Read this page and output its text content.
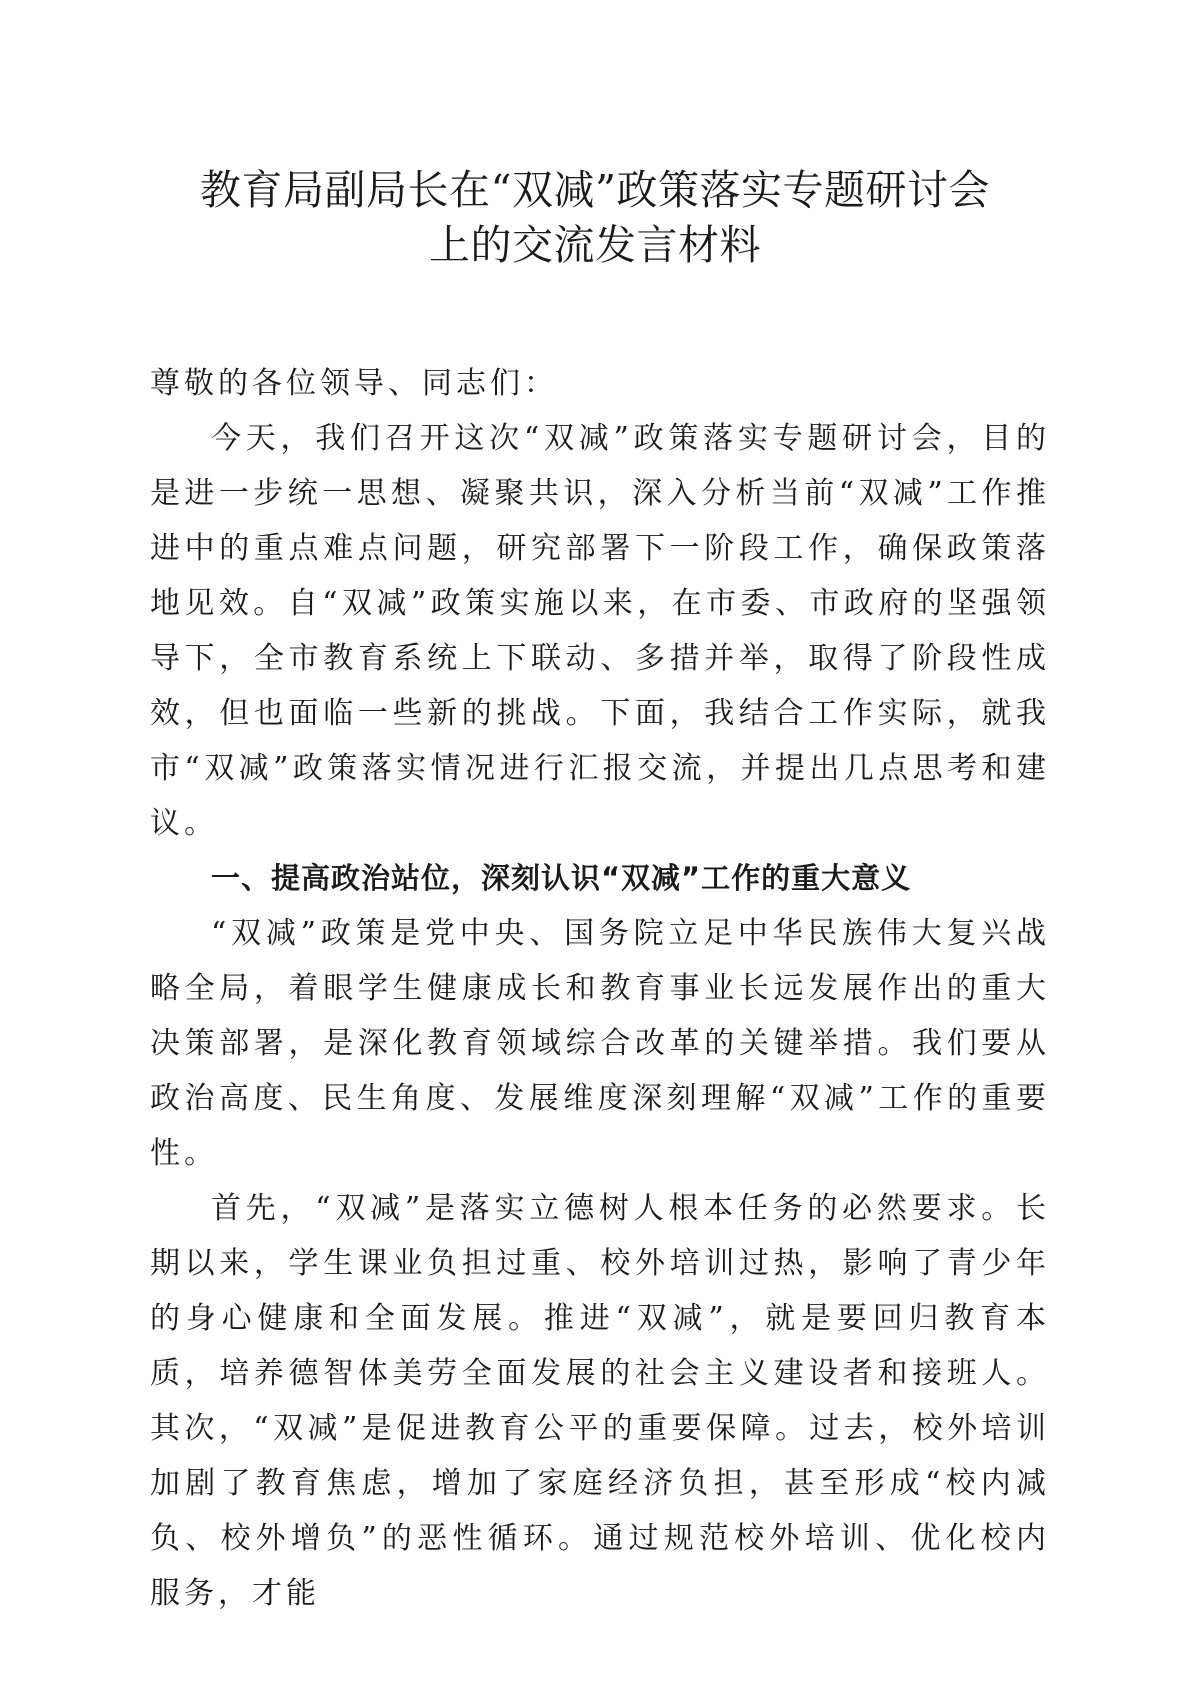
教育局副局长在“双减”政策落实专题研讨会
上的交流发言材料

尊敬的各位领导、同志们：

今天，我们召开这次“双减”政策落实专题研讨会，目的是进一步统一思想、凝聚共识，深入分析当前“双减”工作推进中的重点难点问题，研究部署下一阶段工作，确保政策落地见效。自“双减”政策实施以来，在市委、市政府的坚强领导下，全市教育系统上下联动、多措并举，取得了阶段性成效，但也面临一些新的挑战。下面，我结合工作实际，就我市“双减”政策落实情况进行汇报交流，并提出几点思考和建议。

一、提高政治站位，深刻认识“双减”工作的重大意义

“双减”政策是党中央、国务院立足中华民族伟大复兴战略全局，着眼学生健康成长和教育事业长远发展作出的重大决策部署，是深化教育领域综合改革的关键举措。我们要从政治高度、民生角度、发展维度深刻理解“双减”工作的重要性。

首先，“双减”是落实立德树人根本任务的必然要求。长期以来，学生课业负担过重、校外培训过热，影响了青少年的身心健康和全面发展。推进“双减”，就是要回归教育本质，培养德智体美劳全面发展的社会主义建设者和接班人。其次，“双减”是促进教育公平的重要保障。过去，校外培训加剧了教育焦虑，增加了家庭经济负担，甚至形成“校内减负、校外增负”的恶性循环。通过规范校外培训、优化校内服务，才能
